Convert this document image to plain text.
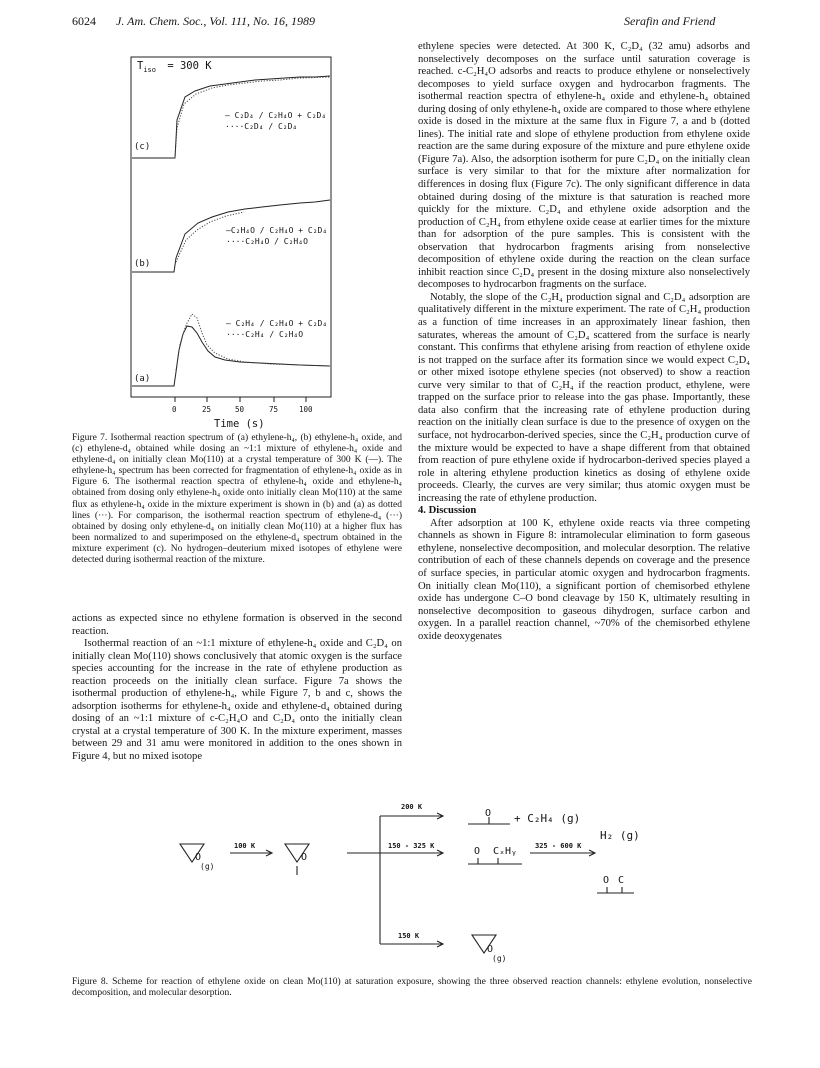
6024 J. Am. Chem. Soc., Vol. 111, No. 16, 1989	Serafin and Friend
$T_{iso} = 300$ K
(c)
— C₂D₄ / C₂H₄O + C₂D₄
····C₂D₄ / C₂D₄
(b)
—C₂H₄O / C₂H₄O + C₂D₄
····C₂H₄O / C₂H₄O
(a)
— C₂H₄ / C₂H₄O + C₂D₄
····C₂H₄ / C₂H₄O
0	25	50	75	100
Time (s)
Figure 7. Isothermal reaction spectrum of (a) ethylene-h₄, (b) ethylene-h₄ oxide, and (c) ethylene-d₄ obtained while dosing an ~1:1 mixture of ethylene-h₄ oxide and ethylene-d₄ on initially clean Mo(110) at a crystal temperature of 300 K (—). The ethylene-h₄ spectrum has been corrected for fragmentation of ethylene-h₄ oxide as in Figure 6. The isothermal reaction spectra of ethylene-h₄ oxide and ethylene-h₄ obtained from dosing only ethylene-h₄ oxide onto initially clean Mo(110) at the same flux as ethylene-h₄ oxide in the mixture experiment is shown in (b) and (a) as dotted lines (···). For comparison, the isothermal reaction spectrum of ethylene-d₄ (···) obtained by dosing only ethylene-d₄ on initially clean Mo(110) at a higher flux has been normalized to and superimposed on the ethylene-d₄ spectrum obtained in the mixture experiment (c). No hydrogen–deuterium mixed isotopes of ethylene were detected during isothermal reaction of the mixture.

actions as expected since no ethylene formation is observed in the second reaction.

Isothermal reaction of an ~1:1 mixture of ethylene-h₄ oxide and C₂D₄ on initially clean Mo(110) shows conclusively that atomic oxygen is the surface species accounting for the increase in the rate of ethylene production as reaction proceeds on the initially clean surface. Figure 7a shows the isothermal production of ethylene-h₄, while Figure 7, b and c, shows the adsorption isotherms for ethylene-h₄ oxide and ethylene-d₄ obtained during dosing of an ~1:1 mixture of c-C₂H₄O and C₂D₄ onto the initially clean crystal at a crystal temperature of 300 K. In the mixture experiment, masses between 29 and 31 amu were monitored in addition to the ones shown in Figure 4, but no mixed isotope

ethylene species were detected. At 300 K, C₂D₄ (32 amu) adsorbs and nonselectively decomposes on the surface until saturation coverage is reached. c-C₂H₄O adsorbs and reacts to produce ethylene or nonselectively decomposes to yield surface oxygen and hydrocarbon fragments. The isothermal reaction spectra of ethylene-h₄ oxide and ethylene-h₄ obtained during dosing of only ethylene-h₄ oxide are compared to those where ethylene oxide is dosed in the mixture at the same flux in Figure 7, a and b (dotted lines). The initial rate and slope of ethylene production from ethylene oxide reaction are the same during exposure of the mixture and pure ethylene oxide (Figure 7a). Also, the adsorption isotherm for pure C₂D₄ on the initially clean surface is very similar to that for the mixture after normalization for differences in dosing flux (Figure 7c). The only significant difference in data obtained during dosing of the mixture is that saturation is reached more quickly for the mixture. C₂D₄ and ethylene oxide adsorption and the production of C₂H₄ from ethylene oxide cease at earlier times for the mixture than for adsorption of the pure samples. This is consistent with the observation that hydrocarbon fragments arising from nonselective decomposition of ethylene oxide during the reaction on the clean surface inhibit reaction since C₂D₄ present in the dosing mixture also nonselectively decomposes to hydrocarbon fragments on the surface.

Notably, the slope of the C₂H₄ production signal and C₂D₄ adsorption are qualitatively different in the mixture experiment. The rate of C₂H₄ production as a function of time increases in an approximately linear fashion, then saturates, whereas the amount of C₂D₄ scattered from the surface is nearly constant. This confirms that ethylene arising from reaction of ethylene oxide is not trapped on the surface after its formation since we would expect C₂D₄ or other mixed isotope ethylene species (not observed) to show a reaction curve very similar to that of C₂H₄ if the reaction product, ethylene, were trapped on the surface prior to release into the gas phase. Importantly, these data also confirm that the increasing rate of ethylene production during reaction on the initially clean surface is due to the presence of oxygen on the surface, not hydrocarbon-derived species, since the C₂H₄ production curve of the mixture would be expected to have a shape different from that obtained from reaction of pure ethylene oxide if hydrocarbon-derived species played a role in altering ethylene production kinetics as dosing of ethylene oxide proceeds. Clearly, the curves are very similar; thus atomic oxygen must be increasing the rate of ethylene production.

4. Discussion

After adsorption at 100 K, ethylene oxide reacts via three competing channels as shown in Figure 8: intramolecular elimination to form gaseous ethylene, nonselective decomposition, and molecular desorption. The relative contribution of each of these channels depends on coverage and the presence of surface species, in particular atomic oxygen and hydrocarbon fragments. On initially clean Mo(110), a significant portion of chemisorbed ethylene oxide has undergone C–O bond cleavage by 150 K, ultimately resulting in nonselective decomposition to gaseous dihydrogen, surface carbon and oxygen. In a parallel reaction channel, ~70% of the chemisorbed ethylene oxide deoxygenates

100 K
200 K
150 - 325 K	325 - 600 K
150 K
O
(g)
O
O + C₂H₄ (g)
O CₓHᵧ
H₂ (g)
O C
O
(g)
Figure 8. Scheme for reaction of ethylene oxide on clean Mo(110) at saturation exposure, showing the three observed reaction channels: ethylene evolution, nonselective decomposition, and molecular desorption.
